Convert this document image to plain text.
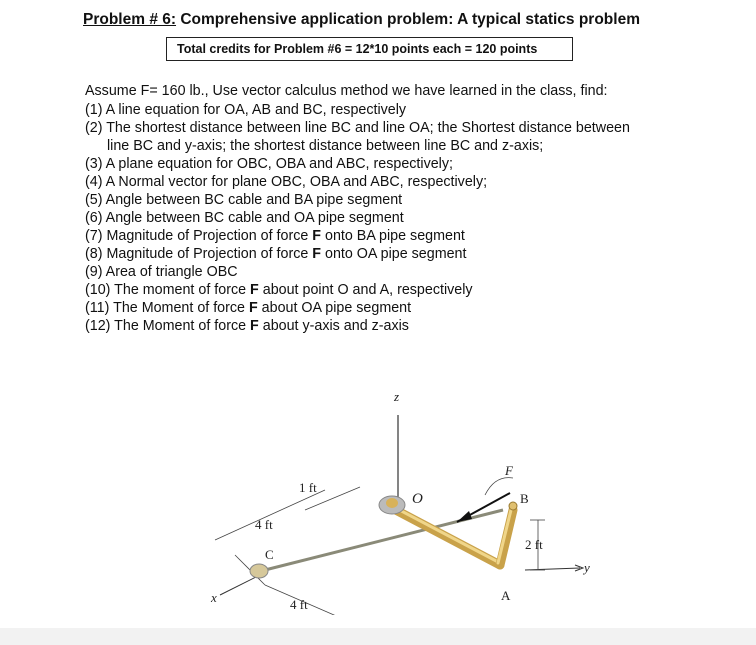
Problem # 6: Comprehensive application problem: A typical statics problem
Total credits for Problem #6 = 12*10 points each = 120 points
Assume F= 160 lb., Use vector calculus method we have learned in the class, find:
(1) A line equation for OA, AB and BC, respectively
(2) The shortest distance between line BC and line OA; the Shortest distance between
line BC and y-axis; the shortest distance between line BC and z-axis;
(3) A plane equation for OBC, OBA and ABC, respectively;
(4) A Normal vector for plane OBC, OBA and ABC, respectively;
(5) Angle between BC cable and BA pipe segment
(6) Angle between BC cable and OA pipe segment
(7) Magnitude of Projection of force F onto BA pipe segment
(8) Magnitude of Projection of force F onto OA pipe segment
(9) Area of triangle OBC
(10) The moment of force F about point O and A, respectively
(11) The Moment of force F about OA pipe segment
(12) The Moment of force F about y-axis and z-axis
z
x
y
F
O
A
B
C
1 ft
4 ft
4 ft
2 ft
